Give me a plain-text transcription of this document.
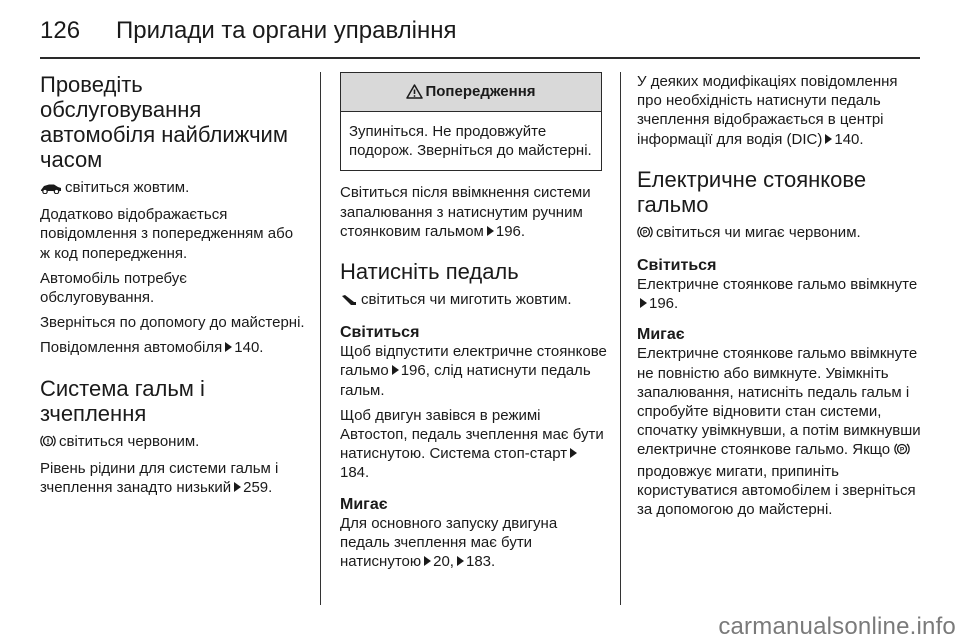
126 Прилади та органи управління
Проведіть обслуговування автомобіля найближчим часом

світиться жовтим.

Додатково відображається повідомлення з попередженням або ж код попередження.

Автомобіль потребує обслуговування.

Зверніться по допомогу до майстерні.

Повідомлення автомобіля 140.

Система гальм і зчеплення

світиться червоним.

Рівень рідини для системи гальм і зчеплення занадто низький 259.

Попередження

Зупиніться. Не продовжуйте подорож. Зверніться до майстерні.

Світиться після ввімкнення системи запалювання з натиснутим ручним стоянковим гальмом 196.

Натисніть педаль

світиться чи миготить жовтим.

Світиться

Щоб відпустити електричне стоянкове гальмо 196, слід натиснути педаль гальм.

Щоб двигун завівся в режимі Автостоп, педаль зчеплення має бути натиснутою. Система стоп-старт184.

Мигає

Для основного запуску двигуна педаль зчеплення має бути натиснутою 20, 183.

У деяких модифікаціях повідомлення про необхідність натиснути педаль зчеплення відображається в центрі інформації для водія (DIC) 140.

Електричне стоянкове гальмо

P світиться чи мигає червоним.

Світиться

Електричне стоянкове гальмо ввімкнуте196.

Мигає

Електричне стоянкове гальмо ввімкнуте не повністю або вимкнуте. Увімкніть запалювання, натисніть педаль гальм і спробуйте відновити стан системи, спочатку увімкнувши, а потім вимкнувши електричне стоянкове гальмо. Якщо P
продовжує мигати, припиніть користуватися автомобілем і зверніться за допомогою до майстерні.

carmanualsonline.info
